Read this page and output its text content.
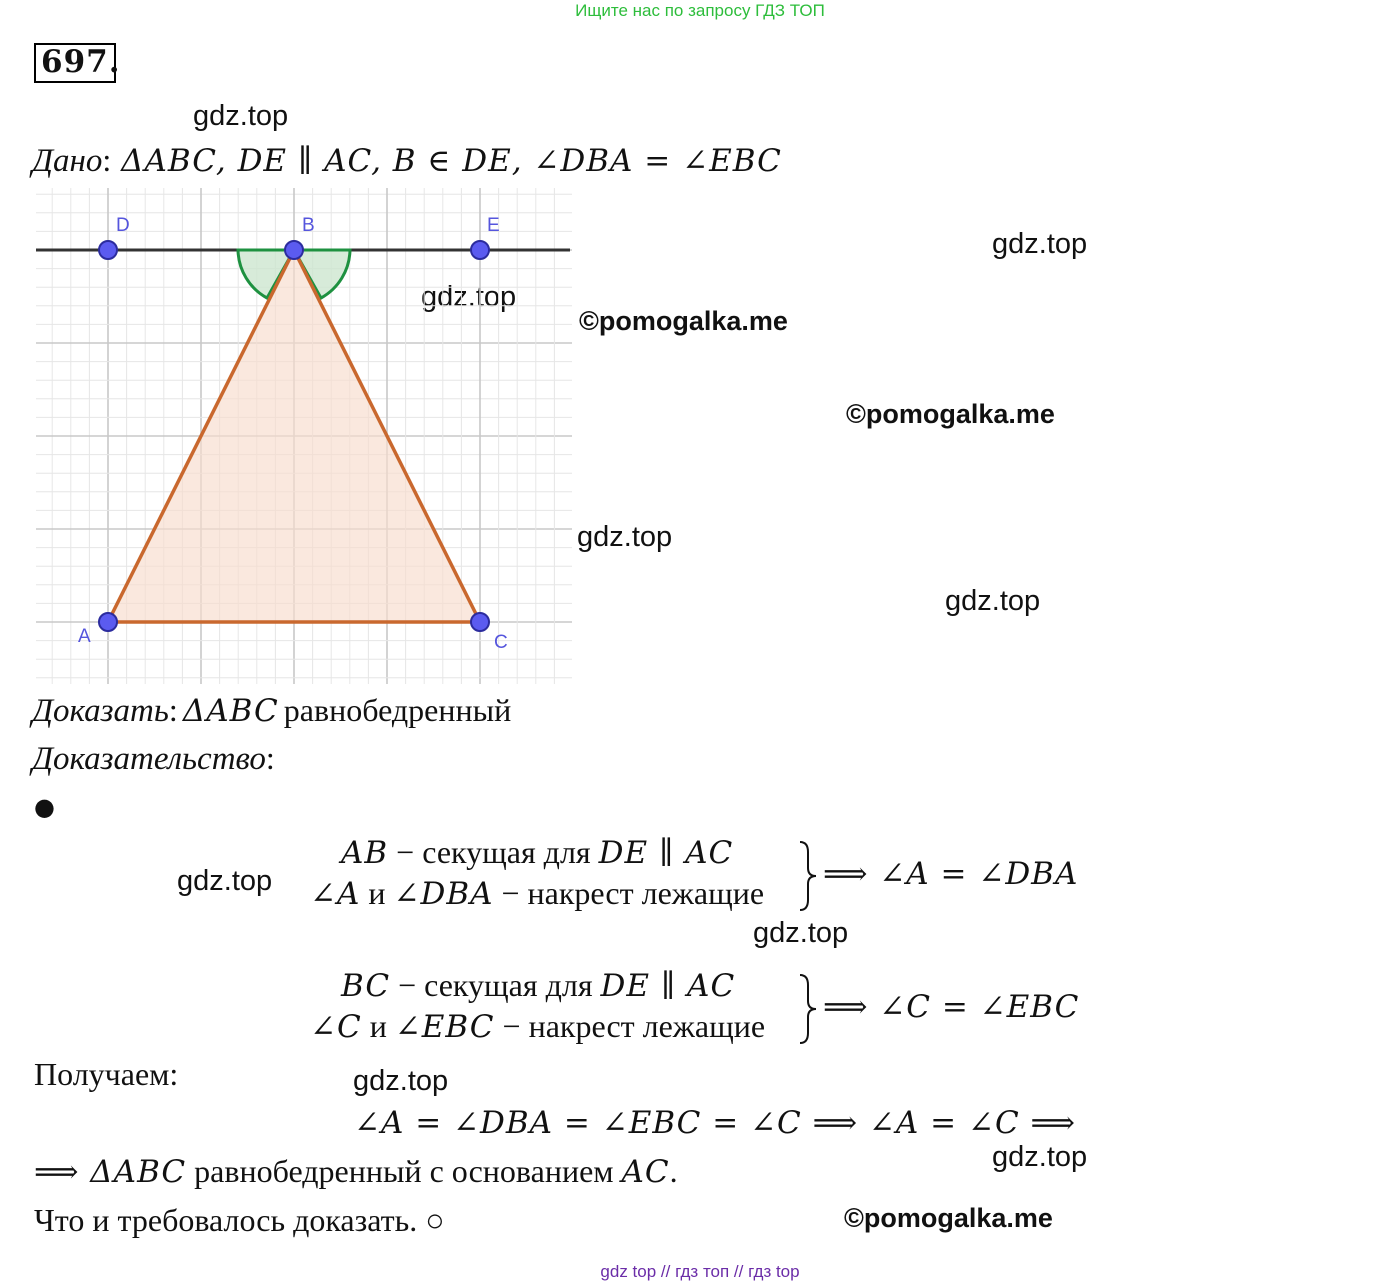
Ищите нас по запросу ГДЗ ТОП
697.
gdz.top
gdz.top
gdz.top
©pomogalka.me
©pomogalka.me
gdz.top
gdz.top
gdz.top
gdz.top
gdz.top
gdz.top
©pomogalka.me
Дано: ΔABC, DE ∥ AC, B ∈ DE, ∠DBA = ∠EBC
D	B	E
A	C
Доказать: ΔABC равнобедренный
Доказательство:
●
AB − секущая для DE ∥ AC
∠A и ∠DBA − накрест лежащие
⟹ ∠A = ∠DBA
BC − секущая для DE ∥ AC
∠C и ∠EBC − накрест лежащие
⟹ ∠C = ∠EBC
Получаем:
∠A = ∠DBA = ∠EBC = ∠C ⟹ ∠A = ∠C ⟹
⟹ ΔABC равнобедренный с основанием AC.
Что и требовалось доказать. ○
gdz top // гдз топ // гдз top
